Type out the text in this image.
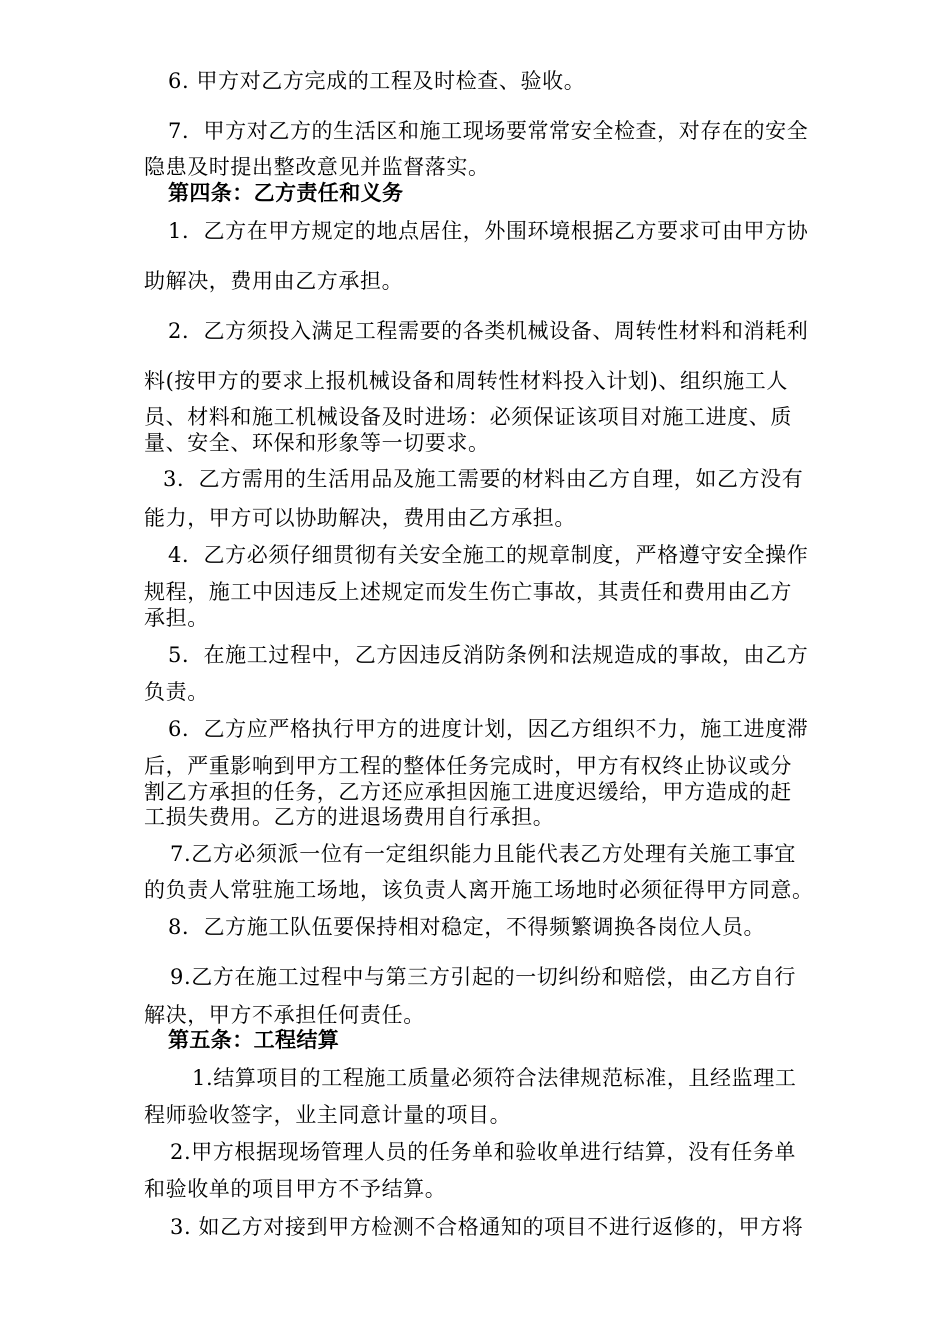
6. 甲方对乙方完成的工程及时检查、验收。
7．甲方对乙方的生活区和施工现场要常常安全检查，对存在的安全
隐患及时提出整改意见并监督落实。
第四条：乙方责任和义务
1．乙方在甲方规定的地点居住，外围环境根据乙方要求可由甲方协
助解决，费用由乙方承担。
2．乙方须投入满足工程需要的各类机械设备、周转性材料和消耗利
料(按甲方的要求上报机械设备和周转性材料投入计划)、组织施工人
员、材料和施工机械设备及时进场：必须保证该项目对施工进度、质
量、安全、环保和形象等一切要求。
3．乙方需用的生活用品及施工需要的材料由乙方自理，如乙方没有
能力，甲方可以协助解决，费用由乙方承担。
4．乙方必须仔细贯彻有关安全施工的规章制度，严格遵守安全操作
规程，施工中因违反上述规定而发生伤亡事故，其责任和费用由乙方
承担。
5．在施工过程中，乙方因违反消防条例和法规造成的事故，由乙方
负责。
6．乙方应严格执行甲方的进度计划，因乙方组织不力，施工进度滞
后，严重影响到甲方工程的整体任务完成时，甲方有权终止协议或分
割乙方承担的任务，乙方还应承担因施工进度迟缓给，甲方造成的赶
工损失费用。乙方的进退场费用自行承担。
7.乙方必须派一位有一定组织能力且能代表乙方处理有关施工事宜
的负责人常驻施工场地，该负责人离开施工场地时必须征得甲方同意。
8．乙方施工队伍要保持相对稳定，不得频繁调换各岗位人员。
9.乙方在施工过程中与第三方引起的一切纠纷和赔偿，由乙方自行
解决，甲方不承担任何责任。
第五条：工程结算
1.结算项目的工程施工质量必须符合法律规范标准，且经监理工
程师验收签字，业主同意计量的项目。
2.甲方根据现场管理人员的任务单和验收单进行结算，没有任务单
和验收单的项目甲方不予结算。
3. 如乙方对接到甲方检测不合格通知的项目不进行返修的，甲方将
